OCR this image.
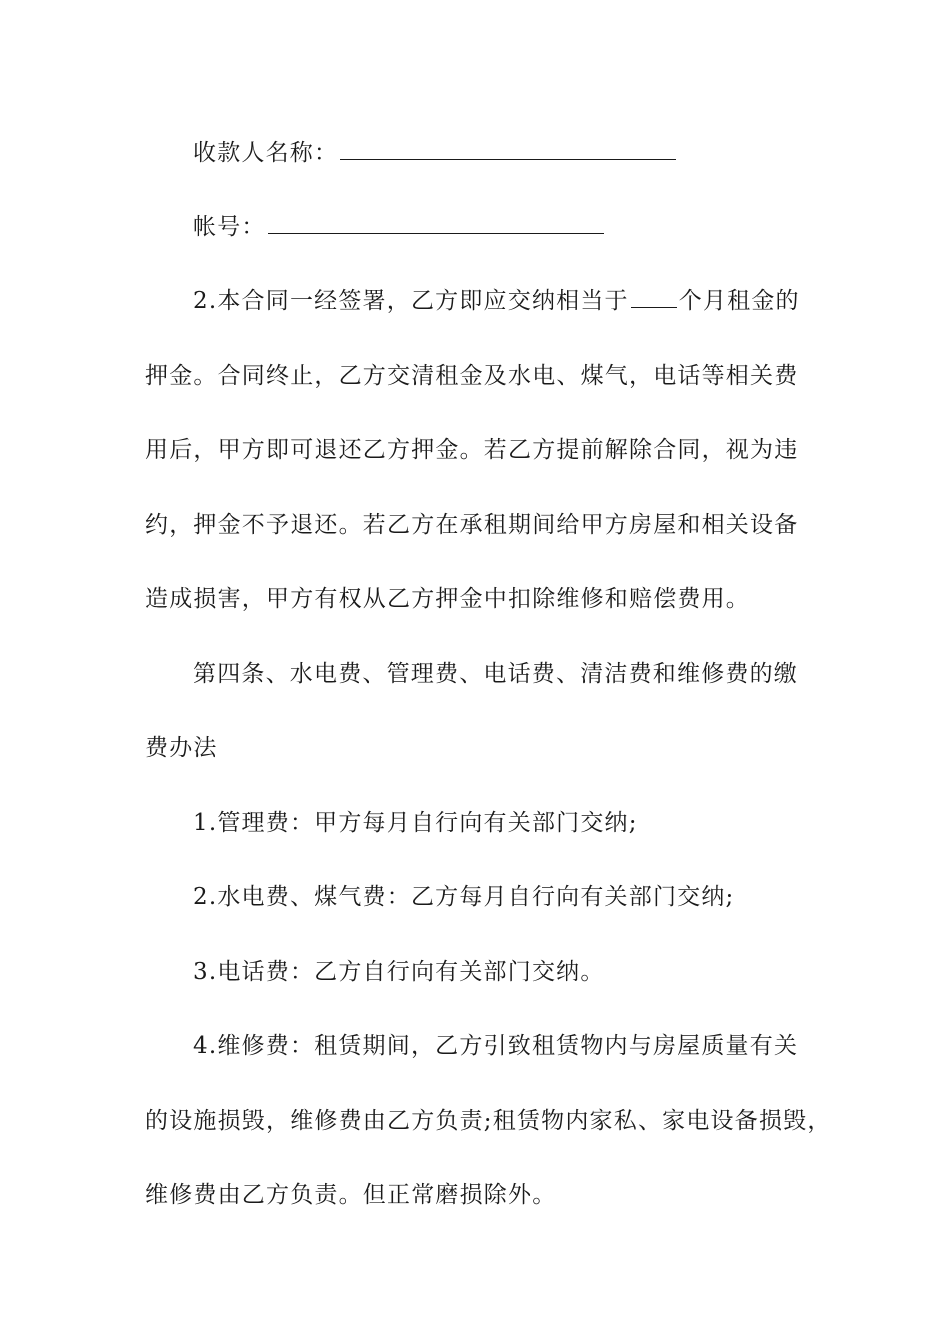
收款人名称：
帐号：
2.本合同一经签署，乙方即应交纳相当于 个月租金的
押金。合同终止，乙方交清租金及水电、煤气，电话等相关费
用后，甲方即可退还乙方押金。若乙方提前解除合同，视为违
约，押金不予退还。若乙方在承租期间给甲方房屋和相关设备
造成损害，甲方有权从乙方押金中扣除维修和赔偿费用。
第四条、水电费、管理费、电话费、清洁费和维修费的缴
费办法
1.管理费：甲方每月自行向有关部门交纳;
2.水电费、煤气费：乙方每月自行向有关部门交纳;
3.电话费：乙方自行向有关部门交纳。
4.维修费：租赁期间，乙方引致租赁物内与房屋质量有关
的设施损毁，维修费由乙方负责;租赁物内家私、家电设备损毁，
维修费由乙方负责。但正常磨损除外。
